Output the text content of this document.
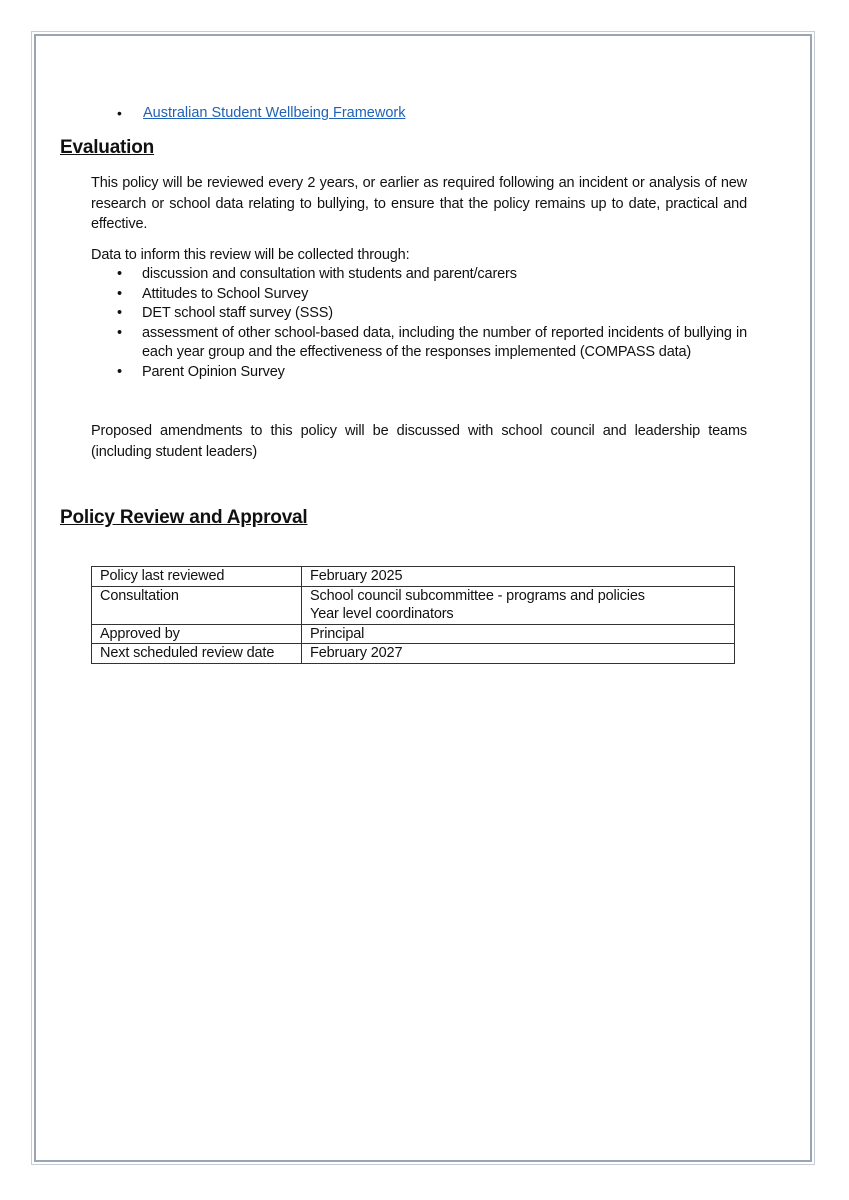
• Australian Student Wellbeing Framework
Evaluation

This policy will be reviewed every 2 years, or earlier as required following an incident or analysis of new research or school data relating to bullying, to ensure that the policy remains up to date, practical and effective.

Data to inform this review will be collected through:

• discussion and consultation with students and parent/carers
• Attitudes to School Survey
• DET school staff survey (SSS)
• assessment of other school-based data, including the number of reported incidents of bullying in each year group and the effectiveness of the responses implemented (COMPASS data)
• Parent Opinion Survey

Proposed amendments to this policy will be discussed with school council and leadership teams (including student leaders)

Policy Review and Approval
Policy last reviewed	February 2025

Consultation	School council subcommittee - programs and policies
Year level coordinators

Approved by	Principal

Next scheduled review date	February 2027
